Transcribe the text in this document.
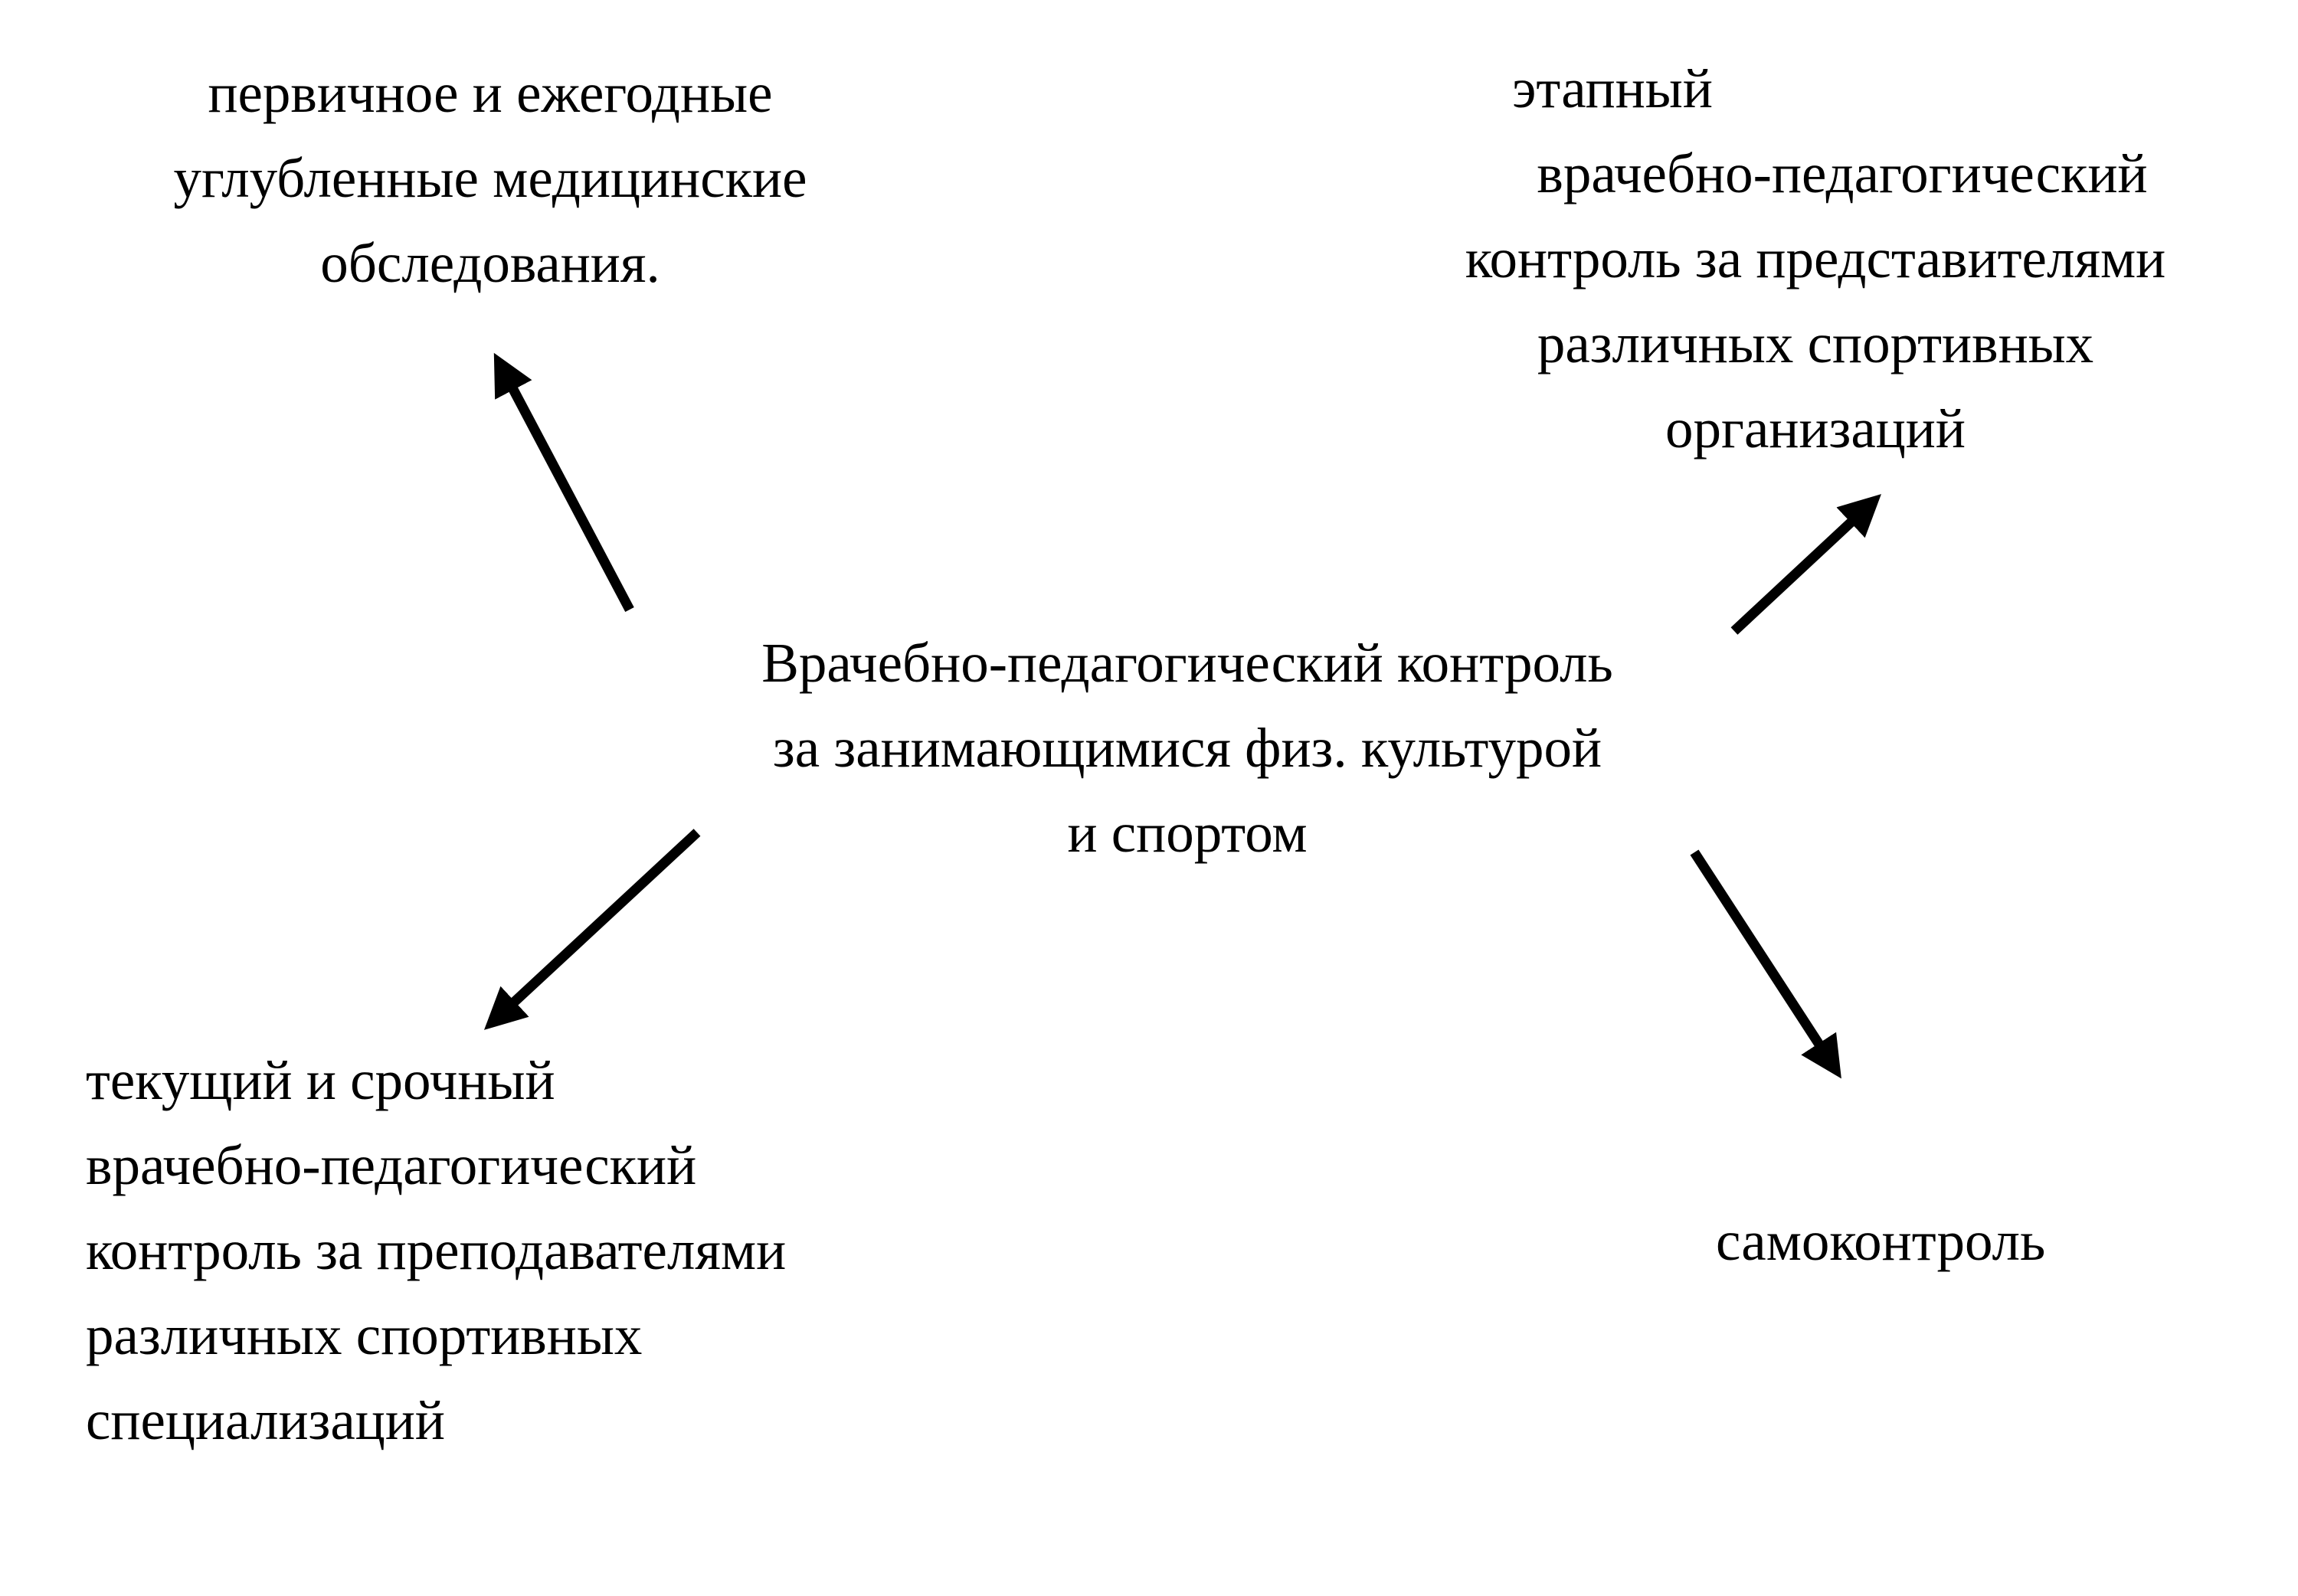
Врачебно-педагогический контроль
за занимающимися физ. культурой
и спортом
первичное и ежегодные
углубленные медицинские
обследования.
этапный
врачебно-педагогический
контроль за представителями
различных спортивных
организаций
текущий и срочный
врачебно-педагогический
контроль за преподавателями
различных спортивных
специализаций
самоконтроль
